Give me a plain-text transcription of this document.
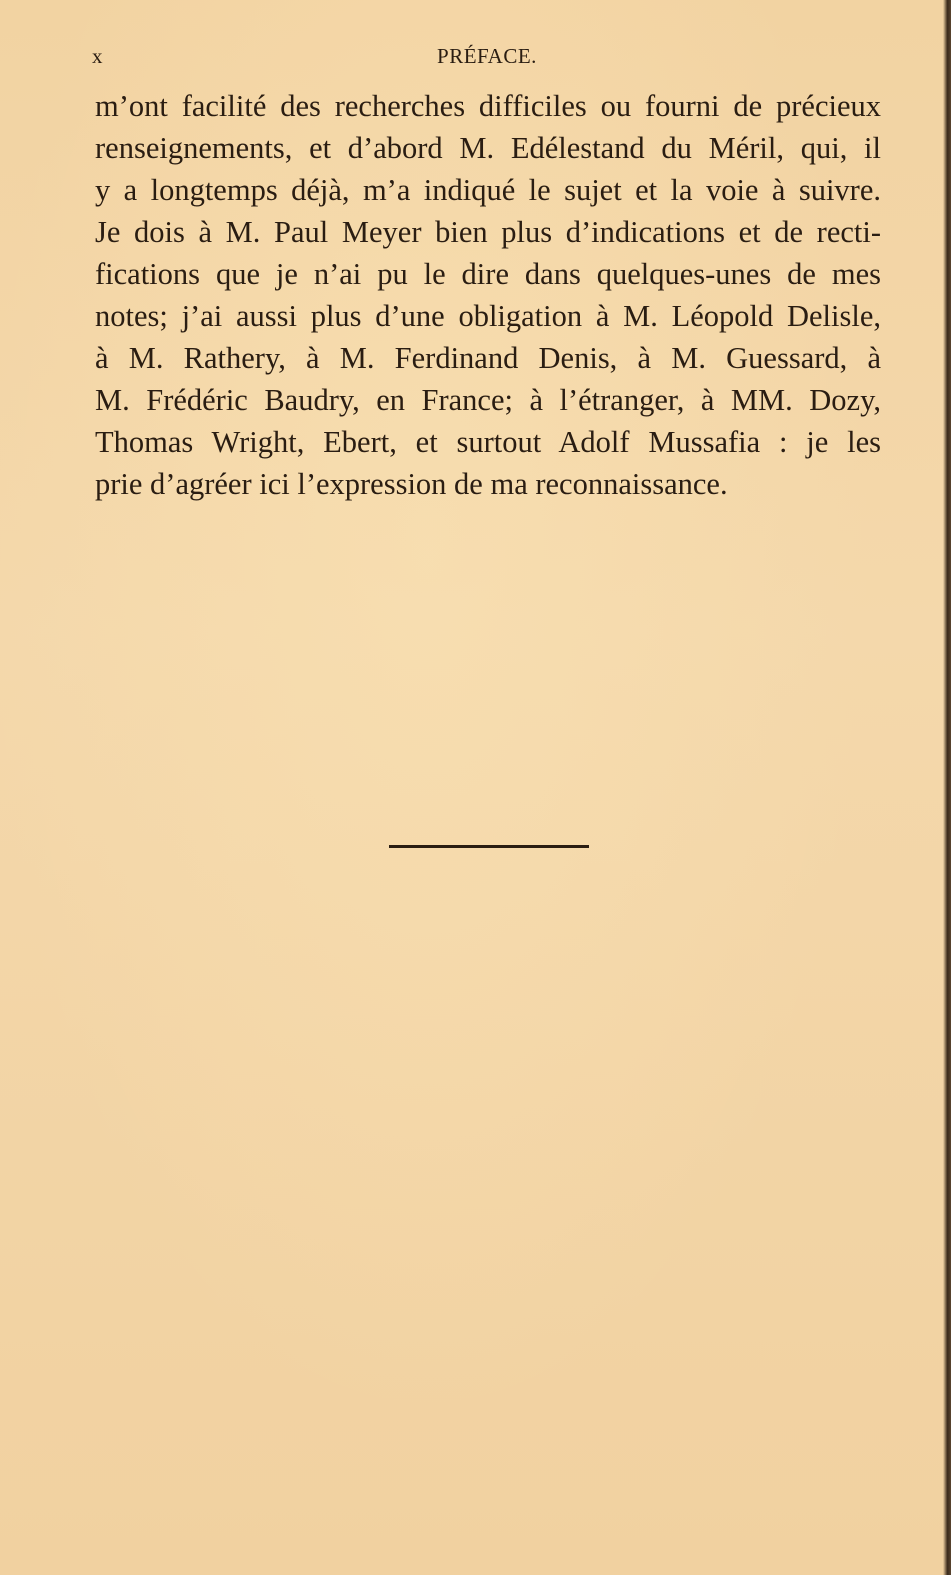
x	PRÉFACE.
m’ont facilité des recherches difficiles ou fourni de précieux
renseignements, et d’abord M. Edélestand du Méril, qui, il
y a longtemps déjà, m’a indiqué le sujet et la voie à suivre.
Je dois à M. Paul Meyer bien plus d’indications et de recti-
fications que je n’ai pu le dire dans quelques-unes de mes
notes; j’ai aussi plus d’une obligation à M. Léopold Delisle,
à M. Rathery, à M. Ferdinand Denis, à M. Guessard, à
M. Frédéric Baudry, en France; à l’étranger, à MM. Dozy,
Thomas Wright, Ebert, et surtout Adolf Mussafia : je les
prie d’agréer ici l’expression de ma reconnaissance.
